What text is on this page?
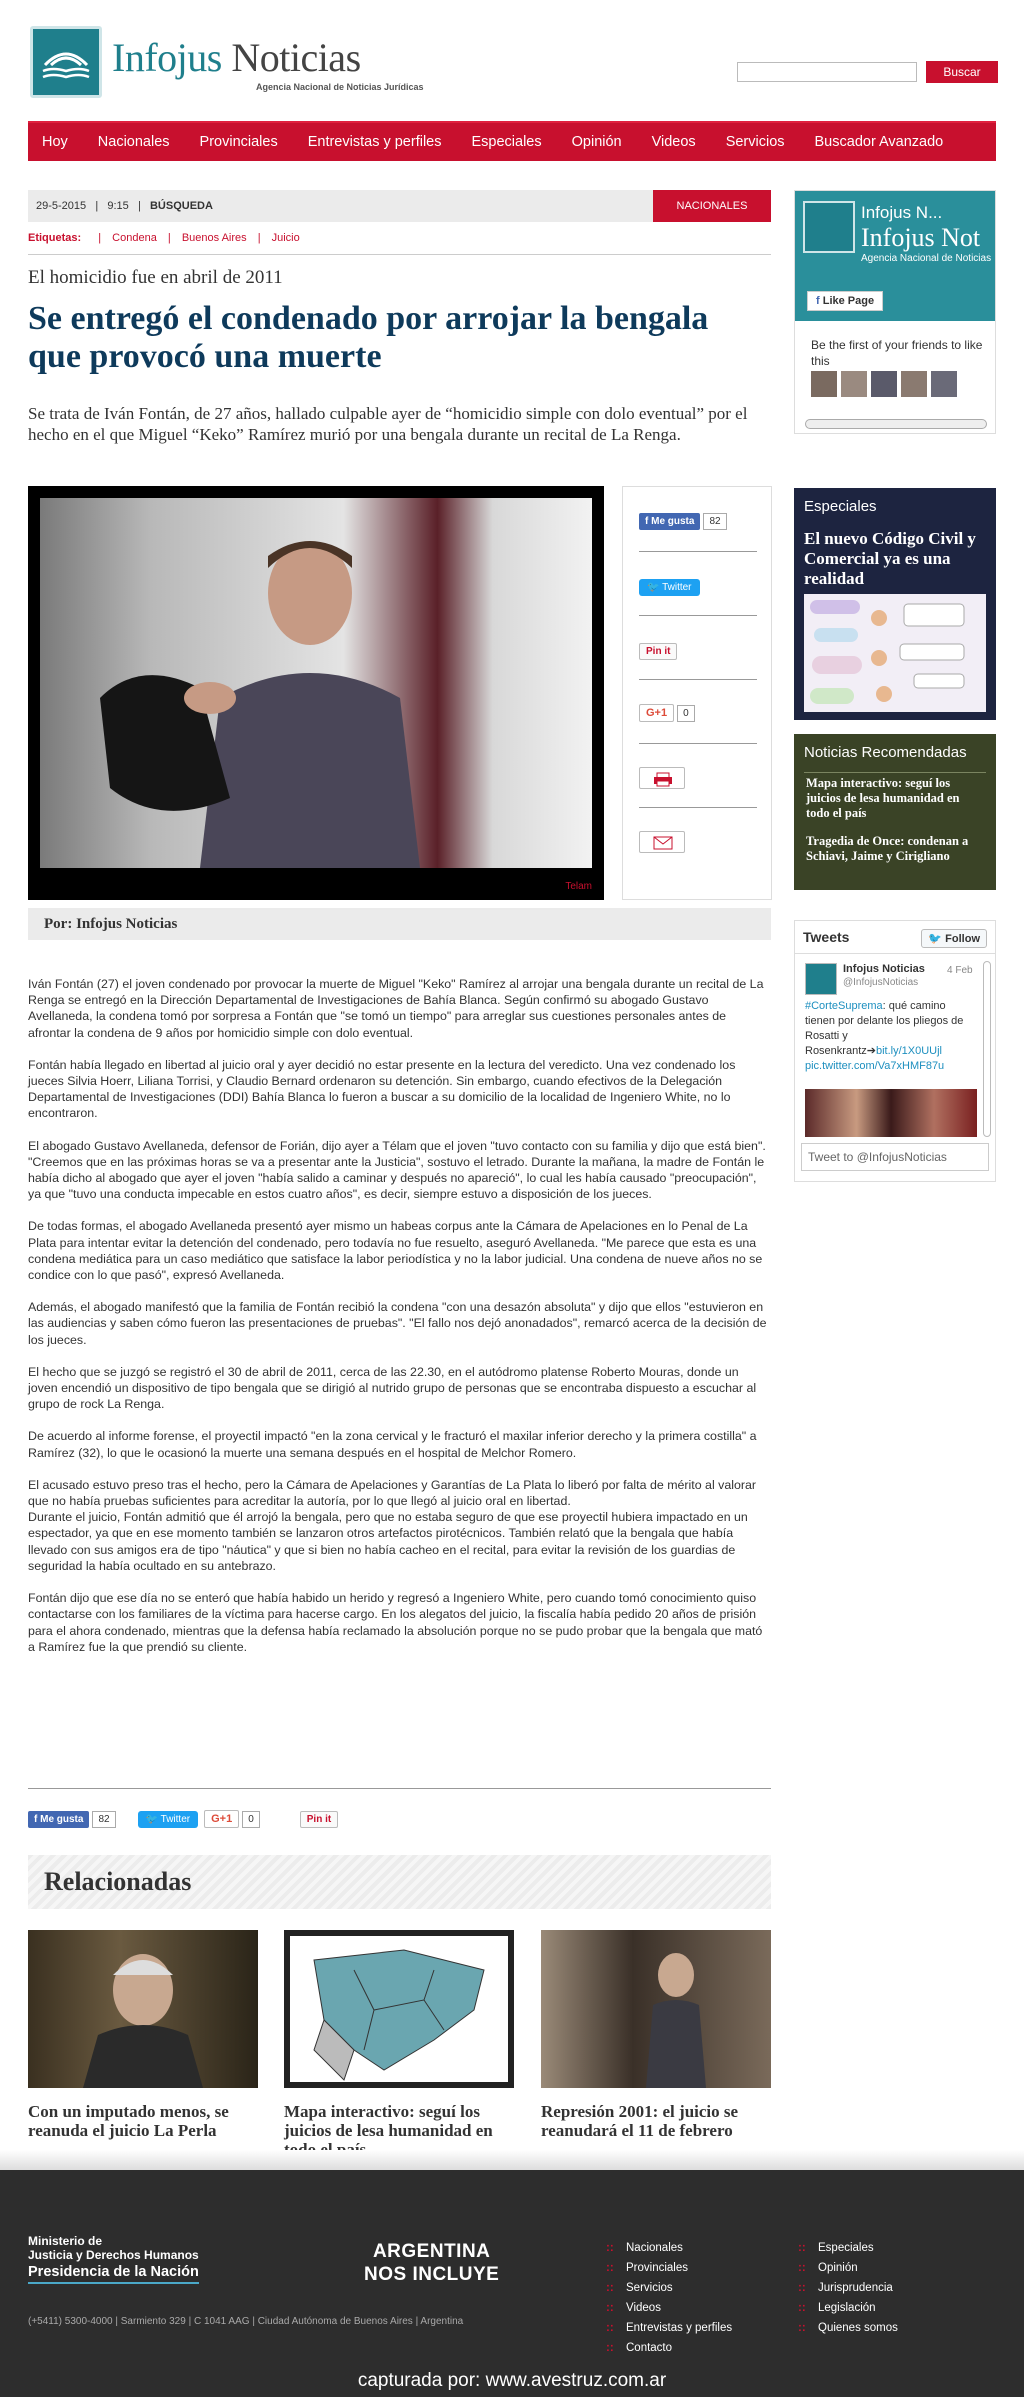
Infojus Noticias
Agencia Nacional de Noticias Jurídicas
Buscar
Hoy Nacionales Provinciales Entrevistas y perfiles Especiales Opinión Videos Servicios Buscador Avanzado
29-5-2015   |   9:15   |   BÚSQUEDA	NACIONALES
Etiquetas: | Condena | Buenos Aires | Juicio
El homicidio fue en abril de 2011
Se entregó el condenado por arrojar la bengala que provocó una muerte
Se trata de Iván Fontán, de 27 años, hallado culpable ayer de “homicidio simple con dolo eventual” por el hecho en el que Miguel “Keko” Ramírez murió por una bengala durante un recital de La Renga.
Telam
f Me gusta 82
🐦 Twitter
Pin it
G+1 0
Por: Infojus Noticias

Iván Fontán (27) el joven condenado por provocar la muerte de Miguel "Keko" Ramírez al arrojar una bengala durante un recital de La Renga se entregó en la Dirección Departamental de Investigaciones de Bahía Blanca. Según confirmó su abogado Gustavo Avellaneda, la condena tomó por sorpresa a Fontán que "se tomó un tiempo" para arreglar sus cuestiones personales antes de afrontar la condena de 9 años por homicidio simple con dolo eventual.

Fontán había llegado en libertad al juicio oral y ayer decidió no estar presente en la lectura del veredicto. Una vez condenado los jueces Silvia Hoerr, Liliana Torrisi, y Claudio Bernard ordenaron su detención. Sin embargo, cuando efectivos de la Delegación Departamental de Investigaciones (DDI) Bahía Blanca lo fueron a buscar a su domicilio de la localidad de Ingeniero White, no lo encontraron.

El abogado Gustavo Avellaneda, defensor de Forián, dijo ayer a Télam que el joven "tuvo contacto con su familia y dijo que está bien". "Creemos que en las próximas horas se va a presentar ante la Justicia", sostuvo el letrado. Durante la mañana, la madre de Fontán le había dicho al abogado que ayer el joven "había salido a caminar y después no apareció", lo cual les había causado "preocupación", ya que "tuvo una conducta impecable en estos cuatro años", es decir, siempre estuvo a disposición de los jueces.

De todas formas, el abogado Avellaneda presentó ayer mismo un habeas corpus ante la Cámara de Apelaciones en lo Penal de La Plata para intentar evitar la detención del condenado, pero todavía no fue resuelto, aseguró Avellaneda. "Me parece que esta es una condena mediática para un caso mediático que satisface la labor periodística y no la labor judicial. Una condena de nueve años no se condice con lo que pasó", expresó Avellaneda.

Además, el abogado manifestó que la familia de Fontán recibió la condena "con una desazón absoluta" y dijo que ellos "estuvieron en las audiencias y saben cómo fueron las presentaciones de pruebas". "El fallo nos dejó anonadados", remarcó acerca de la decisión de los jueces.

El hecho que se juzgó se registró el 30 de abril de 2011, cerca de las 22.30, en el autódromo platense Roberto Mouras, donde un joven encendió un dispositivo de tipo bengala que se dirigió al nutrido grupo de personas que se encontraba dispuesto a escuchar al grupo de rock La Renga.

De acuerdo al informe forense, el proyectil impactó "en la zona cervical y le fracturó el maxilar inferior derecho y la primera costilla" a Ramírez (32), lo que le ocasionó la muerte una semana después en el hospital de Melchor Romero.

El acusado estuvo preso tras el hecho, pero la Cámara de Apelaciones y Garantías de La Plata lo liberó por falta de mérito al valorar que no había pruebas suficientes para acreditar la autoría, por lo que llegó al juicio oral en libertad.
Durante el juicio, Fontán admitió que él arrojó la bengala, pero que no estaba seguro de que ese proyectil hubiera impactado en un espectador, ya que en ese momento también se lanzaron otros artefactos pirotécnicos. También relató que la bengala que había llevado con sus amigos era de tipo "náutica" y que si bien no había cacheo en el recital, para evitar la revisión de los guardias de seguridad la había ocultado en su antebrazo.

Fontán dijo que ese día no se enteró que había habido un herido y regresó a Ingeniero White, pero cuando tomó conocimiento quiso contactarse con los familiares de la víctima para hacerse cargo. En los alegatos del juicio, la fiscalía había pedido 20 años de prisión para el ahora condenado, mientras que la defensa había reclamado la absolución porque no se pudo probar que la bengala que mató a Ramírez fue la que prendió su cliente.

f Me gusta	82	🐦 Twitter	G+1	0	Pin it
Relacionadas
Con un imputado menos, se reanuda el juicio La Perla
Mapa interactivo: seguí los juicios de lesa humanidad en
Represión 2001: el juicio se reanudará el 11 de febrero
Infojus N...
Infojus Not
Agencia Nacional de Noticias
f Like Page
Be the first of your friends to like this
Especiales
El nuevo Código Civil y Comercial ya es una realidad
Noticias Recomendadas
Mapa interactivo: seguí los juicios de lesa humanidad en todo el país
Tragedia de Once: condenan a Schiavi, Jaime y Cirigliano
Tweets	🐦 Follow
Infojus Noticias
@InfojusNoticias
4 Feb
#CorteSuprema: qué camino tienen por delante los pliegos de Rosatti y Rosenkrantz➔bit.ly/1X0UUjl
pic.twitter.com/Va7xHMF87u
Tweet to @InfojusNoticias
Ministerio de
Justicia y Derechos Humanos
Presidencia de la Nación
ARGENTINA
NOS INCLUYE
:: Nacionales
:: Provinciales
:: Servicios
:: Videos
:: Entrevistas y perfiles
:: Contacto
:: Especiales
:: Opinión
:: Jurisprudencia
:: Legislación
:: Quienes somos
(+5411) 5300-4000 | Sarmiento 329 | C 1041 AAG | Ciudad Autónoma de Buenos Aires | Argentina
capturada por: www.avestruz.com.ar
